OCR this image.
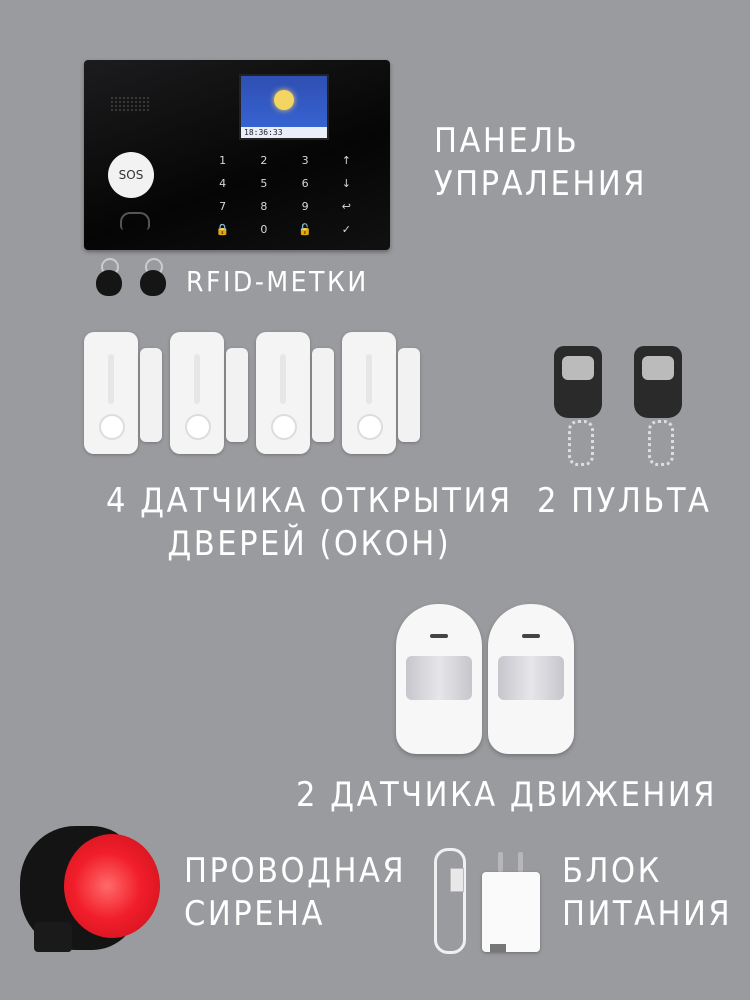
18:36:33
SOS
1	2	3	↑
4	5	6	↓
7	8	9	↩
🔒	0	🔓	✓
ПАНЕЛЬ
УПРАЛЕНИЯ
RFID-МЕТКИ
4 ДАТЧИКА ОТКРЫТИЯ
ДВЕРЕЙ (ОКОН)
2 ПУЛЬТА
2 ДАТЧИКА ДВИЖЕНИЯ
ПРОВОДНАЯ
СИРЕНА
БЛОК
ПИТАНИЯ
